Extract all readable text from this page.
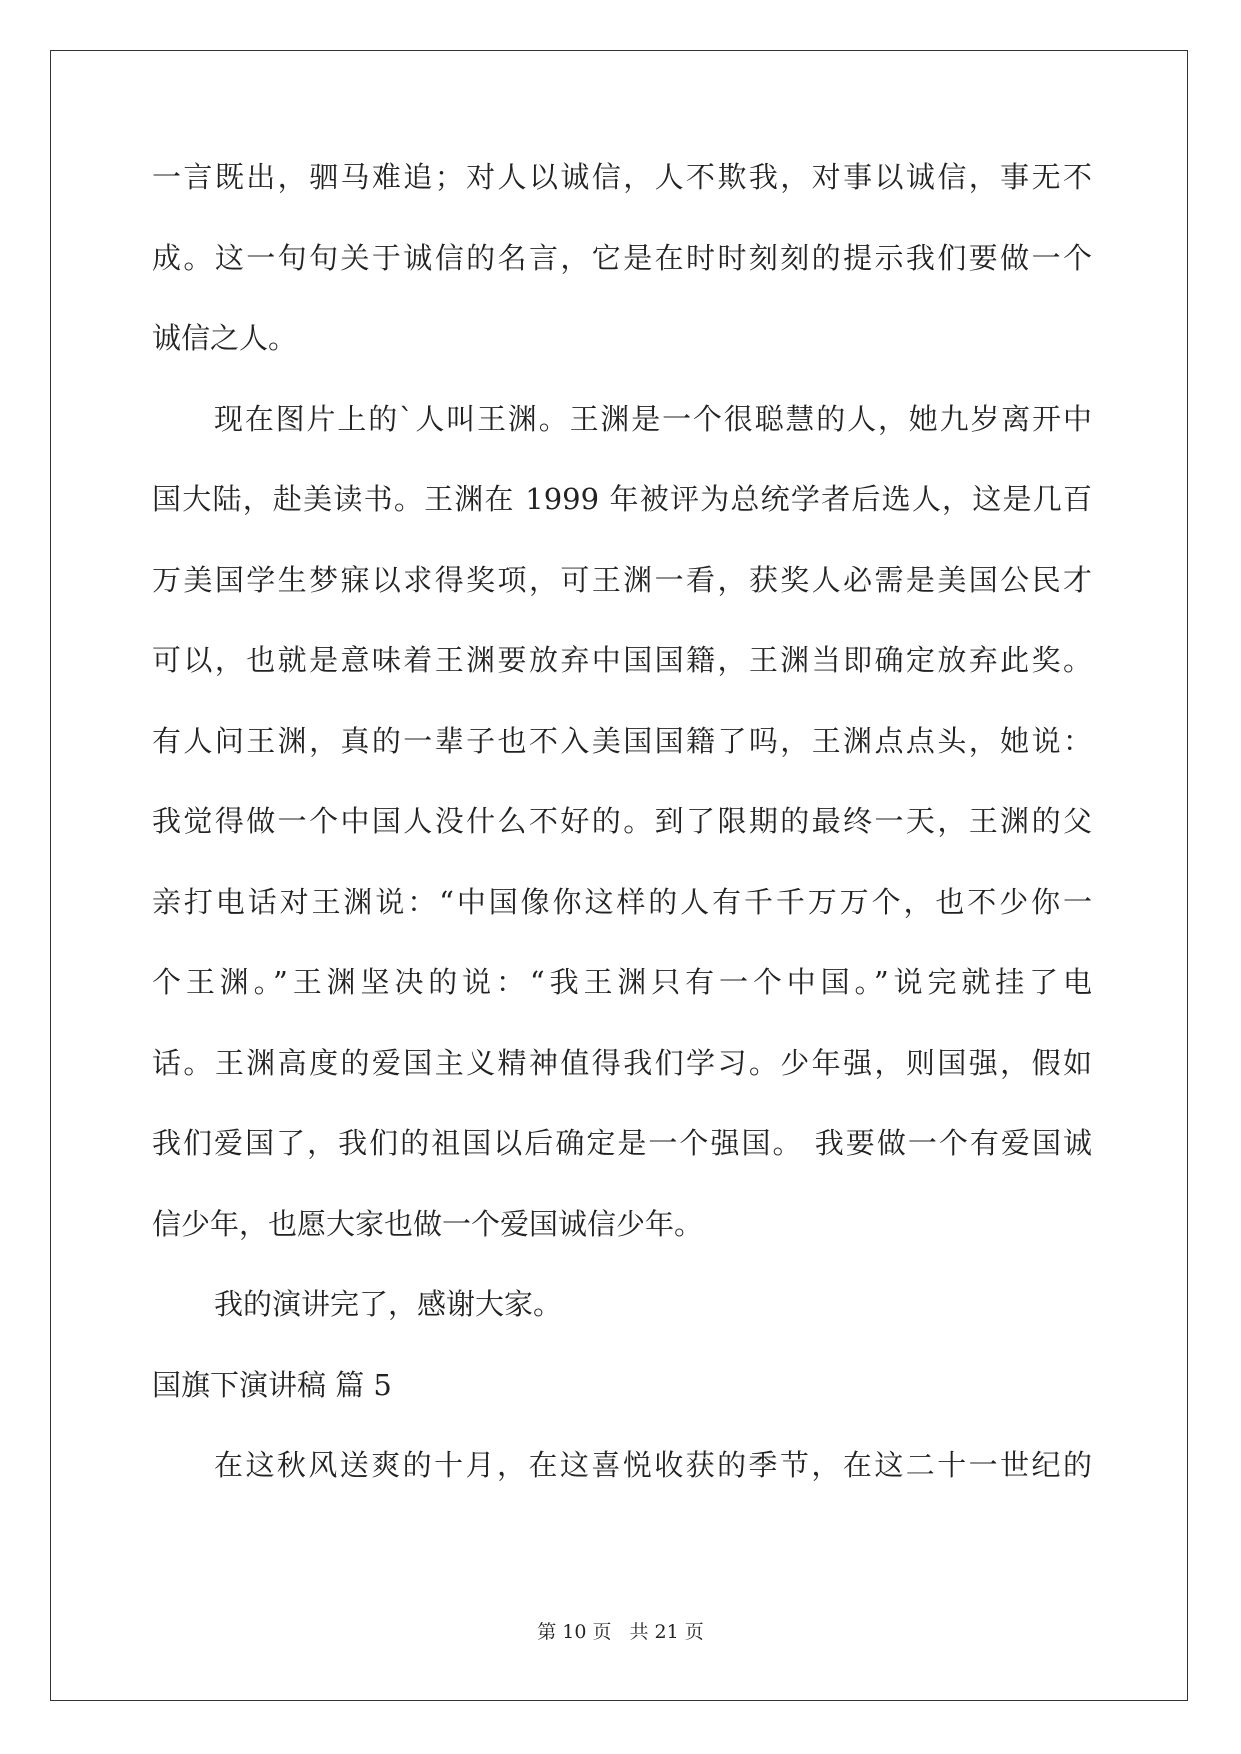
一言既出，驷马难追；对人以诚信，人不欺我，对事以诚信，事无不
成。这一句句关于诚信的名言，它是在时时刻刻的提示我们要做一个
诚信之人。
现在图片上的`人叫王渊。王渊是一个很聪慧的人，她九岁离开中
国大陆，赴美读书。王渊在 1999 年被评为总统学者后选人，这是几百
万美国学生梦寐以求得奖项，可王渊一看，获奖人必需是美国公民才
可以，也就是意味着王渊要放弃中国国籍，王渊当即确定放弃此奖。
有人问王渊，真的一辈子也不入美国国籍了吗，王渊点点头，她说：
我觉得做一个中国人没什么不好的。到了限期的最终一天，王渊的父
亲打电话对王渊说：“中国像你这样的人有千千万万个，也不少你一
个王渊。”王渊坚决的说：“我王渊只有一个中国。”说完就挂了电
话。王渊高度的爱国主义精神值得我们学习。少年强，则国强，假如
我们爱国了，我们的祖国以后确定是一个强国。 我要做一个有爱国诚
信少年，也愿大家也做一个爱国诚信少年。
我的演讲完了，感谢大家。
国旗下演讲稿 篇 5
在这秋风送爽的十月，在这喜悦收获的季节，在这二十一世纪的
第 10 页 共 21 页
